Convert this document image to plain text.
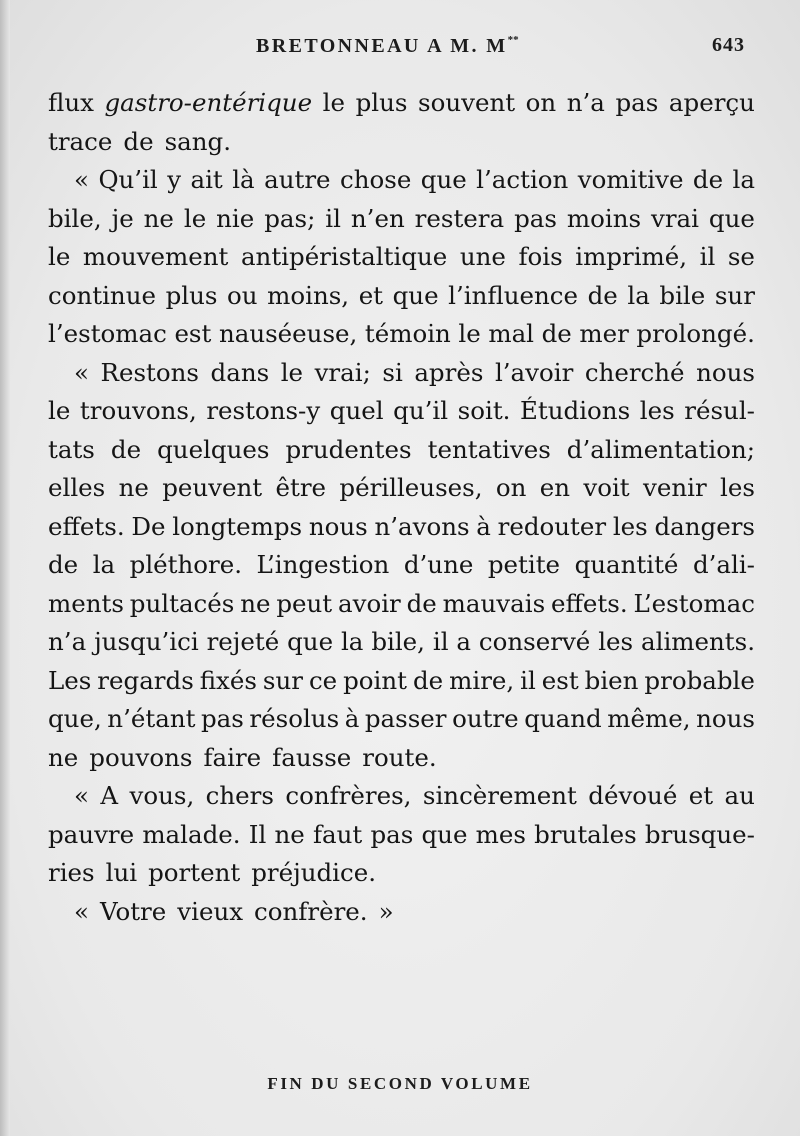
BRETONNEAU A M. M**	643
flux gastro-entérique le plus souvent on n’a pas aperçu
trace de sang.
« Qu’il y ait là autre chose que l’action vomitive de la
bile, je ne le nie pas; il n’en restera pas moins vrai que
le mouvement antipéristaltique une fois imprimé, il se
continue plus ou moins, et que l’influence de la bile sur
l’estomac est nauséeuse, témoin le mal de mer prolongé.
« Restons dans le vrai; si après l’avoir cherché nous
le trouvons, restons-y quel qu’il soit. Étudions les résul-
tats de quelques prudentes tentatives d’alimentation;
elles ne peuvent être périlleuses, on en voit venir les
effets. De longtemps nous n’avons à redouter les dangers
de la pléthore. L’ingestion d’une petite quantité d’ali-
ments pultacés ne peut avoir de mauvais effets. L’estomac
n’a jusqu’ici rejeté que la bile, il a conservé les aliments.
Les regards fixés sur ce point de mire, il est bien probable
que, n’étant pas résolus à passer outre quand même, nous
ne pouvons faire fausse route.
« A vous, chers confrères, sincèrement dévoué et au
pauvre malade. Il ne faut pas que mes brutales brusque-
ries lui portent préjudice.
« Votre vieux confrère. »
FIN DU SECOND VOLUME
